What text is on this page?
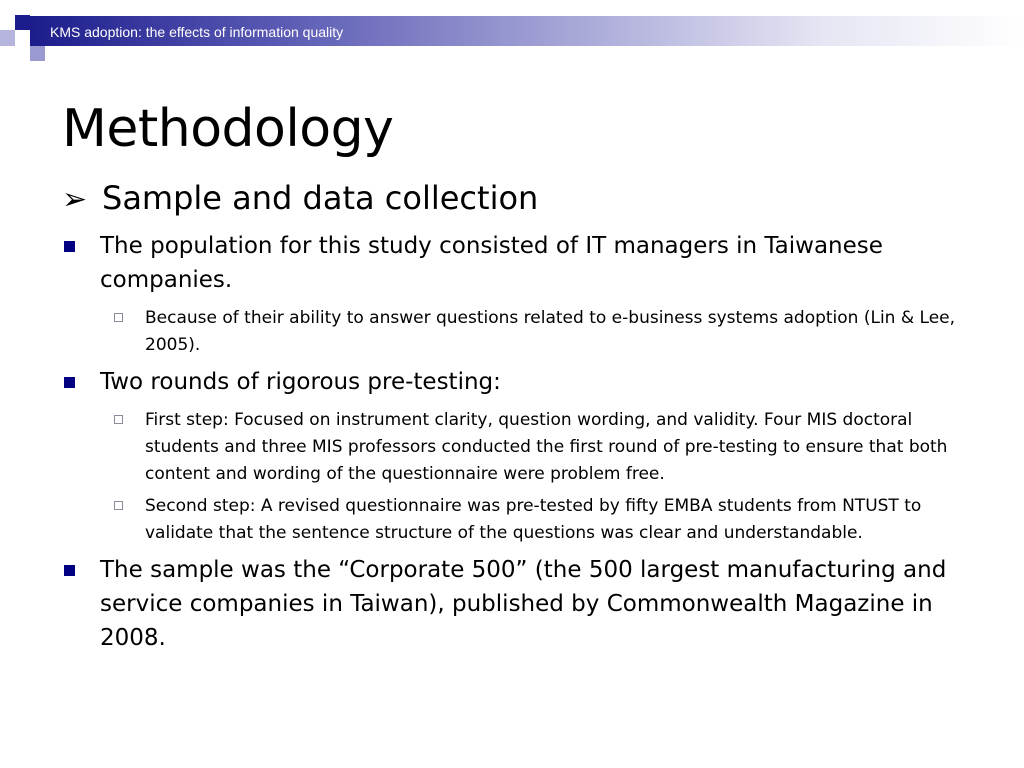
KMS adoption: the effects of information quality
Methodology
➢ Sample and data collection
The population for this study consisted of IT managers in Taiwanese companies.
Because of their ability to answer questions related to e-business systems adoption (Lin & Lee, 2005).
Two rounds of rigorous pre-testing:
First step: Focused on instrument clarity, question wording, and validity. Four MIS doctoral students and three MIS professors conducted the first round of pre-testing to ensure that both content and wording of the questionnaire were problem free.
Second step: A revised questionnaire was pre-tested by fifty EMBA students from NTUST to validate that the sentence structure of the questions was clear and understandable.
The sample was the “Corporate 500” (the 500 largest manufacturing and service companies in Taiwan), published by Commonwealth Magazine in 2008.
